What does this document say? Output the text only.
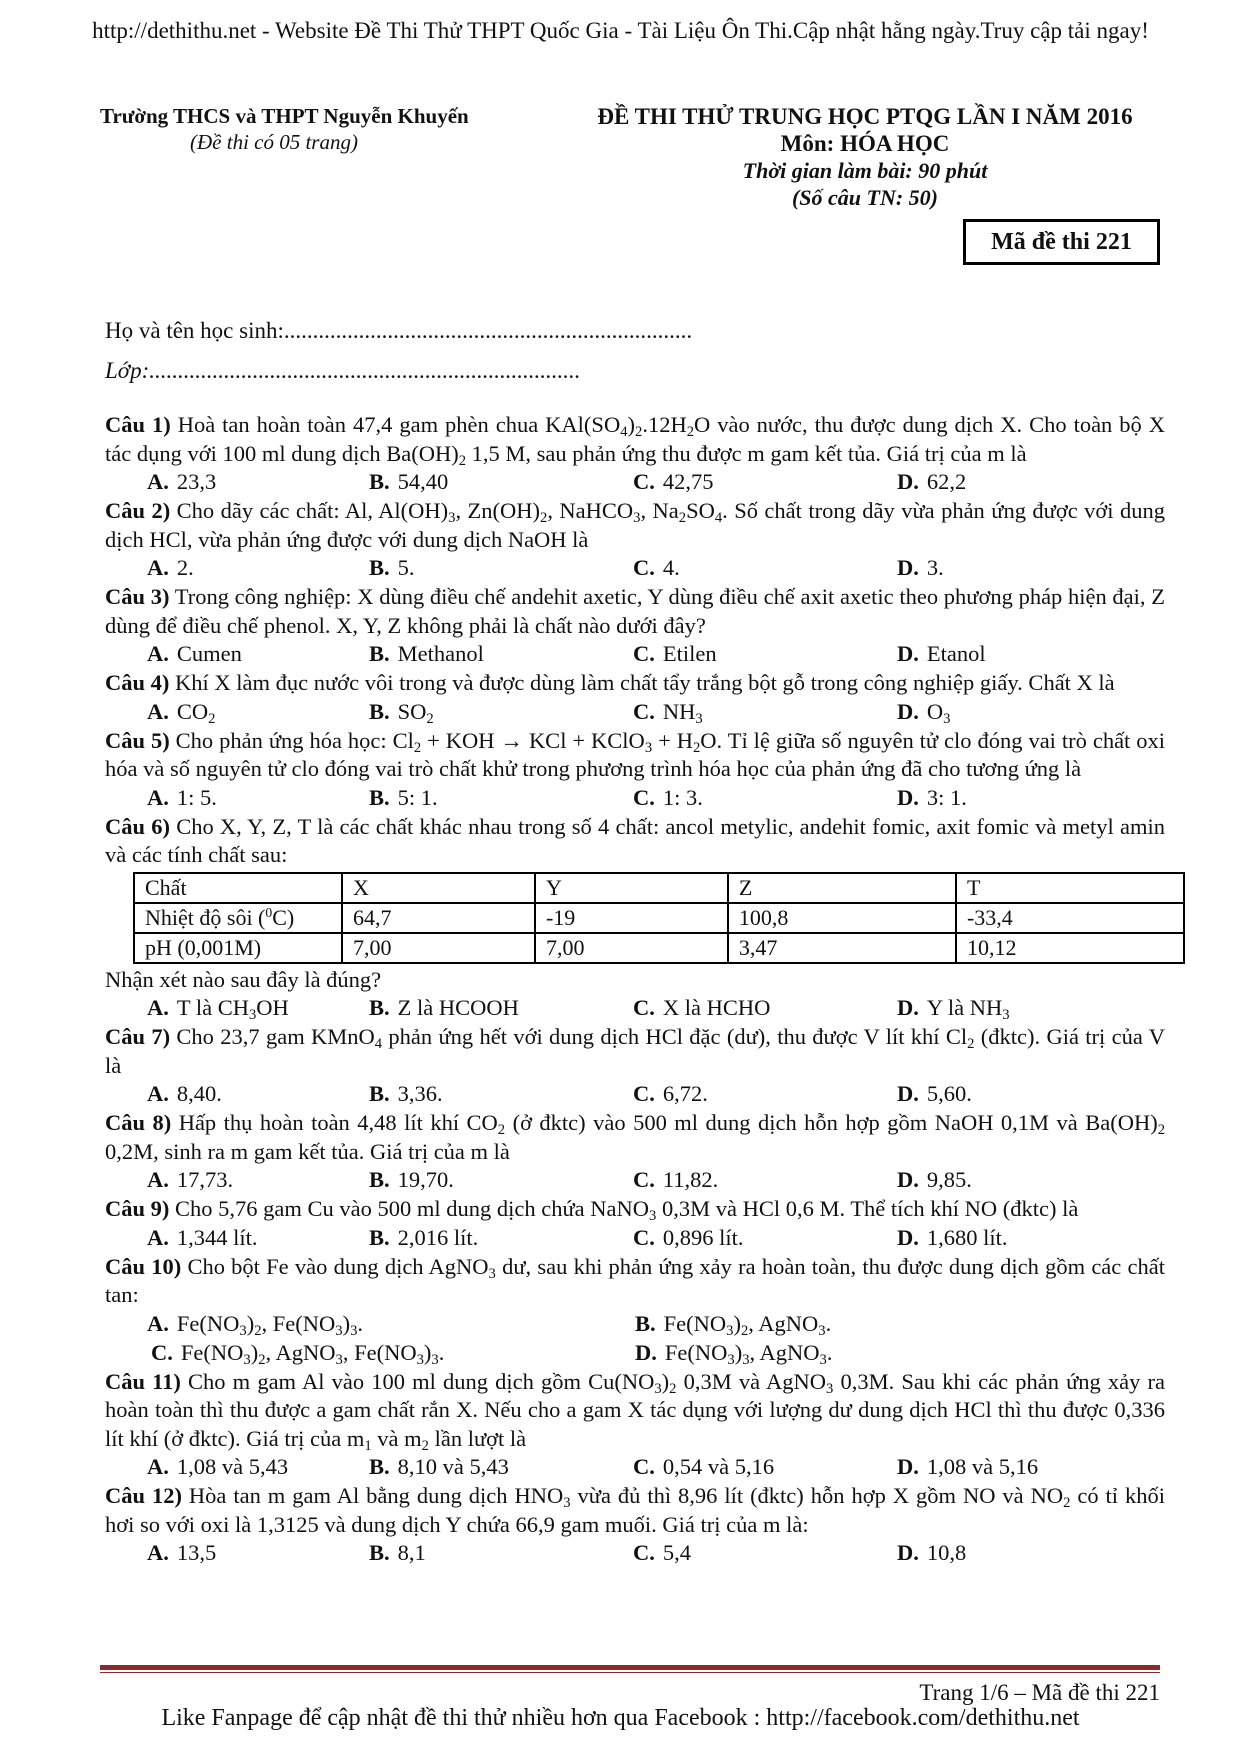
http://dethithu.net - Website Đề Thi Thử THPT Quốc Gia - Tài Liệu Ôn Thi.Cập nhật hằng ngày.Truy cập tải ngay!
Trường THCS và THPT Nguyễn Khuyến
(Đề thi có 05 trang)
ĐỀ THI THỬ TRUNG HỌC PTQG LẦN I NĂM 2016
Môn: HÓA HỌC
Thời gian làm bài: 90 phút
(Số câu TN: 50)
Mã đề thi 221
Họ và tên học sinh:.......................................................................
Lớp:...........................................................................

Câu 1) Hoà tan hoàn toàn 47,4 gam phèn chua $KAl(SO_4)_2.12H_2O$ vào nước, thu được dung dịch X. Cho toàn bộ X tác dụng với 100 ml dung dịch $Ba(OH)_2$ 1,5 M, sau phản ứng thu được m gam kết tủa. Giá trị của m là

A. 23,3	B. 54,40	C. 42,75	D. 62,2

Câu 2) Cho dãy các chất: Al, $Al(OH)_3$, $Zn(OH)_2$, NaHCO$_3$, $Na_2SO_4$. Số chất trong dãy vừa phản ứng được với dung dịch HCl, vừa phản ứng được với dung dịch NaOH là

A. 2.	B. 5.	C. 4.	D. 3.

Câu 3) Trong công nghiệp: X dùng điều chế andehit axetic, Y dùng điều chế axit axetic theo phương pháp hiện đại, Z dùng để điều chế phenol. X, Y, Z không phải là chất nào dưới đây?

A. Cumen	B. Methanol	C. Etilen	D. Etanol

Câu 4) Khí X làm đục nước vôi trong và được dùng làm chất tẩy trắng bột gỗ trong công nghiệp giấy. Chất X là

A. $CO_2$	B. $SO_2$	C. $NH_3$	D. $O_3$

Câu 5) Cho phản ứng hóa học: $Cl_2$ + KOH → KCl + KClO$_3$ + $H_2O$. Tỉ lệ giữa số nguyên tử clo đóng vai trò chất oxi hóa và số nguyên tử clo đóng vai trò chất khử trong phương trình hóa học của phản ứng đã cho tương ứng là

A. 1: 5.	B. 5: 1.	C. 1: 3.	D. 3: 1.

Câu 6) Cho X, Y, Z, T là các chất khác nhau trong số 4 chất: ancol metylic, andehit fomic, axit fomic và metyl amin và các tính chất sau:

Chất	X	Y	Z	T
Nhiệt độ sôi ($^0$C)	64,7	-19	100,8	-33,4
pH (0,001M)	7,00	7,00	3,47	10,12

Nhận xét nào sau đây là đúng?

A. T là $CH_3OH$	B. Z là HCOOH	C. X là HCHO	D. Y là $NH_3$

Câu 7) Cho 23,7 gam KMnO$_4$ phản ứng hết với dung dịch HCl đặc (dư), thu được V lít khí $Cl_2$ (đktc). Giá trị của V là

A. 8,40.	B. 3,36.	C. 6,72.	D. 5,60.

Câu 8) Hấp thụ hoàn toàn 4,48 lít khí $CO_2$ (ở đktc) vào 500 ml dung dịch hỗn hợp gồm NaOH 0,1M và $Ba(OH)_2$ 0,2M, sinh ra m gam kết tủa. Giá trị của m là

A. 17,73.	B. 19,70.	C. 11,82.	D. 9,85.

Câu 9) Cho 5,76 gam Cu vào 500 ml dung dịch chứa NaNO$_3$ 0,3M và HCl 0,6 M. Thể tích khí NO (đktc) là

A. 1,344 lít.	B. 2,016 lít.	C. 0,896 lít.	D. 1,680 lít.

Câu 10) Cho bột Fe vào dung dịch AgNO$_3$ dư, sau khi phản ứng xảy ra hoàn toàn, thu được dung dịch gồm các chất tan:

A. $Fe(NO_3)_2$, $Fe(NO_3)_3$.	B. $Fe(NO_3)_2$, AgNO$_3$.
C. $Fe(NO_3)_2$, AgNO$_3$, $Fe(NO_3)_3$.	D. $Fe(NO_3)_3$, AgNO$_3$.

Câu 11) Cho m gam Al vào 100 ml dung dịch gồm $Cu(NO_3)_2$ 0,3M và AgNO$_3$ 0,3M. Sau khi các phản ứng xảy ra hoàn toàn thì thu được a gam chất rắn X. Nếu cho a gam X tác dụng với lượng dư dung dịch HCl thì thu được 0,336 lít khí (ở đktc). Giá trị của $m_1$ và $m_2$ lần lượt là

A. 1,08 và 5,43	B. 8,10 và 5,43	C. 0,54 và 5,16	D. 1,08 và 5,16

Câu 12) Hòa tan m gam Al bằng dung dịch $HNO_3$ vừa đủ thì 8,96 lít (đktc) hỗn hợp X gồm NO và $NO_2$ có tỉ khối hơi so với oxi là 1,3125 và dung dịch Y chứa 66,9 gam muối. Giá trị của m là:

A. 13,5	B. 8,1	C. 5,4	D. 10,8
Trang 1/6 – Mã đề thi 221
Like Fanpage để cập nhật đề thi thử nhiều hơn qua Facebook : http://facebook.com/dethithu.net
